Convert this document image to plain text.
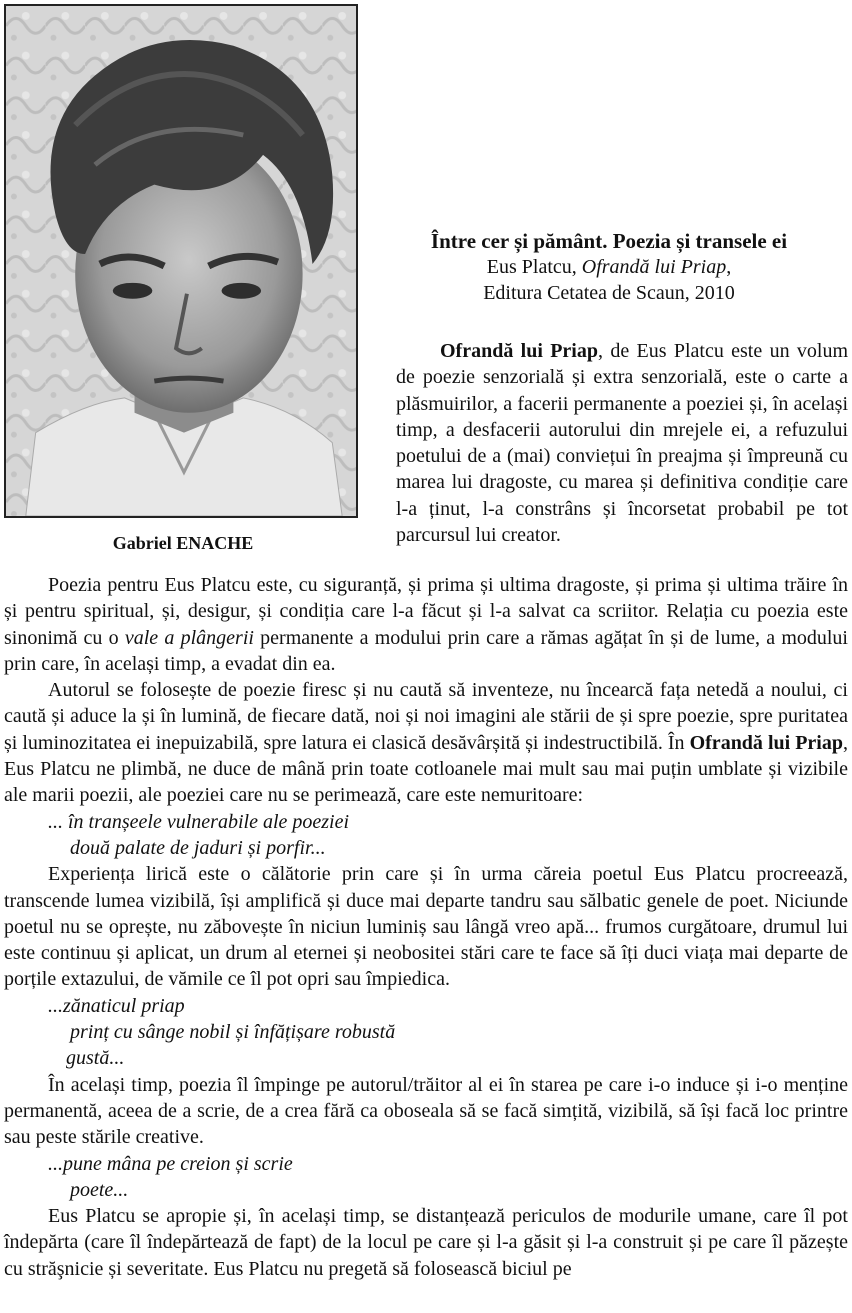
Gabriel ENACHE
Între cer și pământ. Poezia și transele ei
Eus Platcu, Ofrandă lui Priap,
Editura Cetatea de Scaun, 2010

Ofrandă lui Priap, de Eus Platcu este un volum de poezie senzorială și extra senzorială, este o carte a plăsmuirilor, a facerii permanente a poeziei și, în același timp, a desfacerii autorului din mrejele ei, a refuzului poetului de a (mai) conviețui în preajma și împreună cu marea lui dragoste, cu marea și definitiva condiție care l-a ținut, l-a constrâns și încorsetat probabil pe tot parcursul lui creator.

Poezia pentru Eus Platcu este, cu siguranță, și prima și ultima dragoste, și prima și ultima trăire în și pentru spiritual, și, desigur, și condiția care l-a făcut și l-a salvat ca scriitor. Relația cu poezia este sinonimă cu o vale a plângerii permanente a modului prin care a rămas agățat în și de lume, a modului prin care, în același timp, a evadat din ea.

Autorul se folosește de poezie firesc și nu caută să inventeze, nu încearcă fața netedă a noului, ci caută și aduce la și în lumină, de fiecare dată, noi și noi imagini ale stării de și spre poezie, spre puritatea și luminozitatea ei inepuizabilă, spre latura ei clasică desăvârșită și indestructibilă. În Ofrandă lui Priap, Eus Platcu ne plimbă, ne duce de mână prin toate cotloanele mai mult sau mai puțin umblate și vizibile ale marii poezii, ale poeziei care nu se perimează, care este nemuritoare:

... în tranșeele vulnerabile ale poeziei

două palate de jaduri și porfir...

Experiența lirică este o călătorie prin care și în urma căreia poetul Eus Platcu procreează, transcende lumea vizibilă, își amplifică și duce mai departe tandru sau sălbatic genele de poet. Niciunde poetul nu se oprește, nu zăbovește în niciun luminiș sau lângă vreo apă... frumos curgătoare, drumul lui este continuu și aplicat, un drum al eternei și neobositei stări care te face să îți duci viața mai departe de porțile extazului, de vămile ce îl pot opri sau împiedica.

...zănaticul priap

prinț cu sânge nobil și înfățișare robustă

gustă...

În același timp, poezia îl împinge pe autorul/trăitor al ei în starea pe care i-o induce și i-o menține permanentă, aceea de a scrie, de a crea fără ca oboseala să se facă simțită, vizibilă, să își facă loc printre sau peste stările creative.

...pune mâna pe creion și scrie

poete...

Eus Platcu se apropie și, în același timp, se distanțează periculos de modurile umane, care îl pot îndepărta (care îl îndepărtează de fapt) de la locul pe care și l-a găsit și l-a construit și pe care îl păzește cu străşnicie și severitate. Eus Platcu nu pregetă să folosească biciul pe
